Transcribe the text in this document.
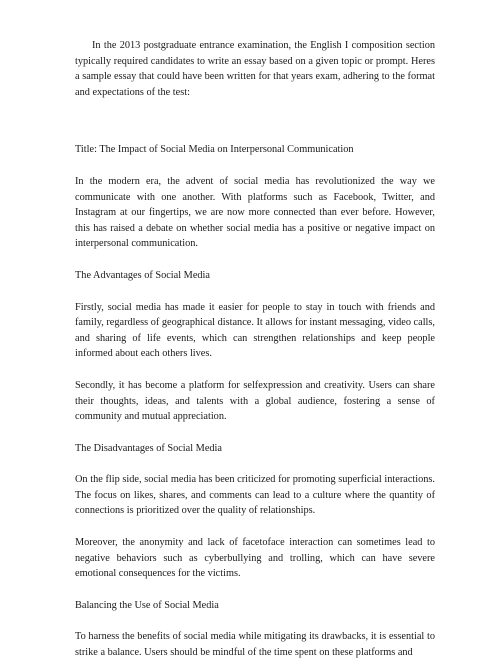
In the 2013 postgraduate entrance examination, the English I composition section typically required candidates to write an essay based on a given topic or prompt. Heres a sample essay that could have been written for that years exam, adhering to the format and expectations of the test:

Title: The Impact of Social Media on Interpersonal Communication

In the modern era, the advent of social media has revolutionized the way we communicate with one another. With platforms such as Facebook, Twitter, and Instagram at our fingertips, we are now more connected than ever before. However, this has raised a debate on whether social media has a positive or negative impact on interpersonal communication.

The Advantages of Social Media

Firstly, social media has made it easier for people to stay in touch with friends and family, regardless of geographical distance. It allows for instant messaging, video calls, and sharing of life events, which can strengthen relationships and keep people informed about each others lives.

Secondly, it has become a platform for selfexpression and creativity. Users can share their thoughts, ideas, and talents with a global audience, fostering a sense of community and mutual appreciation.

The Disadvantages of Social Media

On the flip side, social media has been criticized for promoting superficial interactions. The focus on likes, shares, and comments can lead to a culture where the quantity of connections is prioritized over the quality of relationships.

Moreover, the anonymity and lack of facetoface interaction can sometimes lead to negative behaviors such as cyberbullying and trolling, which can have severe emotional consequences for the victims.

Balancing the Use of Social Media

To harness the benefits of social media while mitigating its drawbacks, it is essential to strike a balance. Users should be mindful of the time spent on these platforms and
